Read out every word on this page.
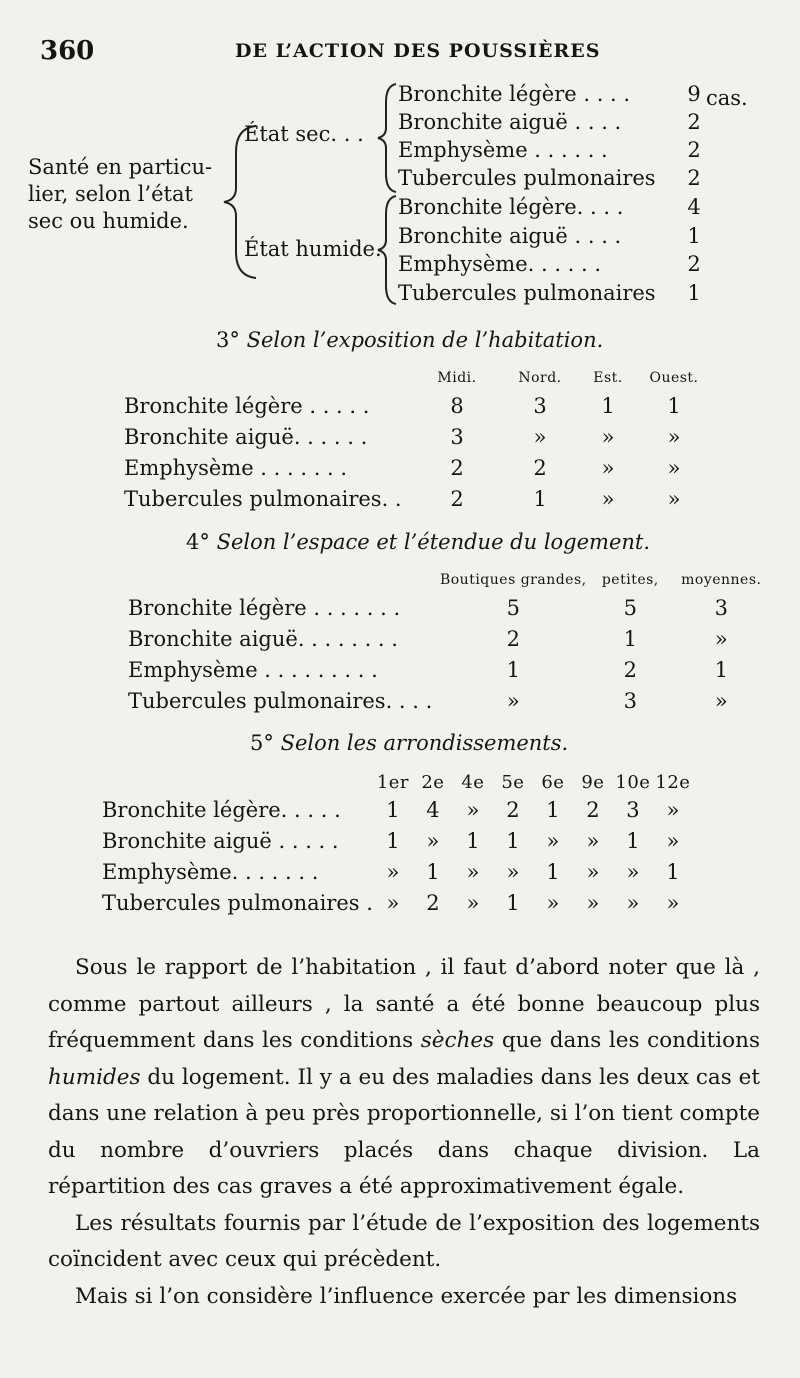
360	DE L’ACTION DES POUSSIÈRES
Santé en particu-
lier, selon l’état
sec ou humide.
État sec. . .
État humide.
Bronchite légère . . . .	9 cas.
Bronchite aiguë . . . .	2
Emphysème . . . . . .	2
Tubercules pulmonaires 2
Bronchite légère. . . .	4
Bronchite aiguë . . . .	1
Emphysème. . . . . .	2
Tubercules pulmonaires 1
3° Selon l’exposition de l’habitation.
	Midi.	Nord.	Est.	Ouest.
Bronchite légère . . . . .	8	3	1	1
Bronchite aiguë. . . . . .	3	»	»	»
Emphysème . . . . . . .	2	2	»	»
Tubercules pulmonaires. .	2	1	»	»
4° Selon l’espace et l’étendue du logement.
	Boutiques grandes,	petites,	moyennes.
Bronchite légère . . . . . . .	5	5	3
Bronchite aiguë. . . . . . . .	2	1	»
Emphysème . . . . . . . . .	1	2	1
Tubercules pulmonaires. . . .	»	3	»
5° Selon les arrondissements.
	1er	2e	4e	5e	6e	9e	10e	12e
Bronchite légère. . . . .	1	4	»	2	1	2	3	»
Bronchite aiguë . . . . .	1	»	1	1	»	»	1	»
Emphysème. . . . . . .	»	1	»	»	1	»	»	1
Tubercules pulmonaires .	»	2	»	1	»	»	»	»

Sous le rapport de l’habitation , il faut d’abord noter que là , comme partout ailleurs , la santé a été bonne beaucoup plus fréquemment dans les conditions sèches que dans les conditions humides du logement. Il y a eu des maladies dans les deux cas et dans une relation à peu près proportionnelle, si l’on tient compte du nombre d’ouvriers placés dans chaque division. La répartition des cas graves a été approximativement égale.

Les résultats fournis par l’étude de l’exposition des logements coïncident avec ceux qui précèdent.

Mais si l’on considère l’influence exercée par les dimensions
